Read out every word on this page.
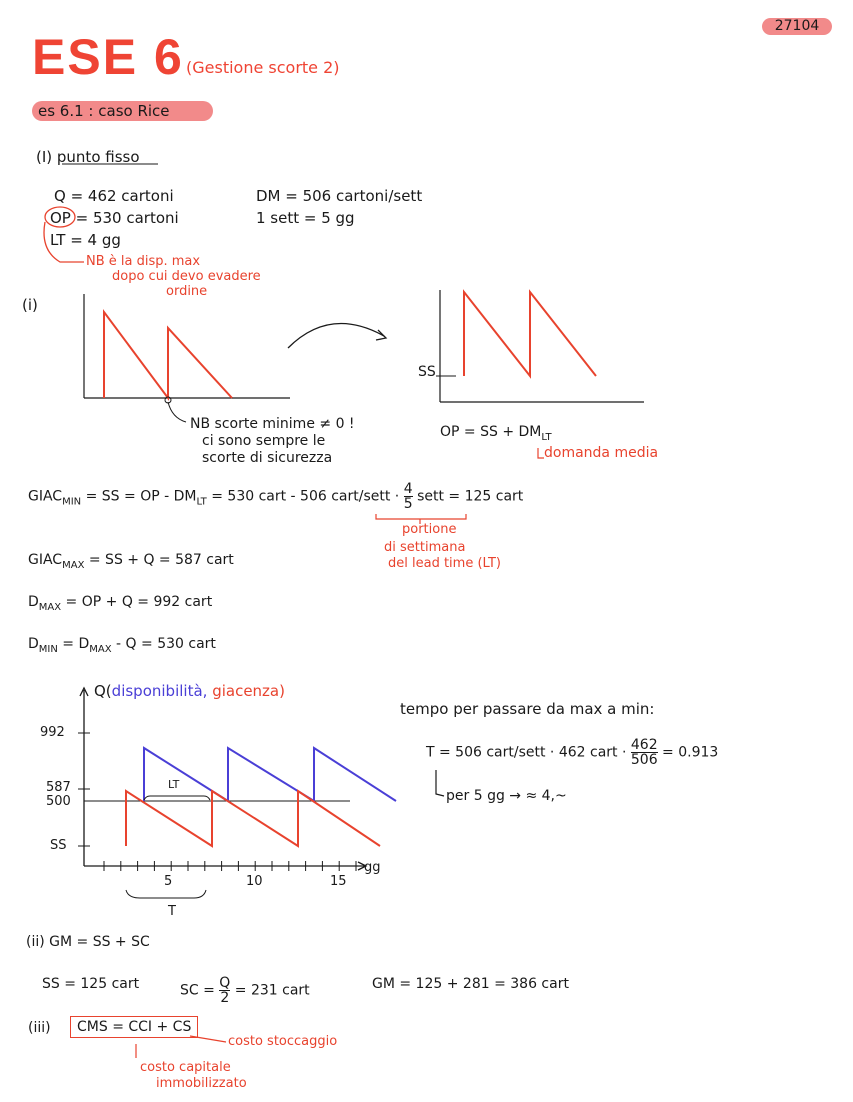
27104
ESE 6 (Gestione scorte 2)
es 6.1 : caso Rice
(I) punto fisso
Q = 462 cartoni	DM = 506 cartoni/sett
OP = 530 cartoni	1 sett = 5 gg
LT = 4 gg
NB è la disp. max
dopo cui devo evadere
ordine
(i)
SS
NB scorte minime ≠ 0 !
ci sono sempre le
scorte di sicurezza
OP = SS + $DM_{LT}$
domanda media
$GIAC_{MIN}$ = SS = OP - $DM_{LT} = 530$ cart - 506 cart/sett · $\frac{4}{5}$ sett = 125 cart
portione
di settimana
del lead time (LT)
$GIAC_{MAX}$ = SS + Q = 587 cart
$D_{MAX}$ = OP + Q = 992 cart
$D_{MIN} = D_{MAX} - Q = 530$ cart
Q(disponibilità, giacenza)
992
587
500
SS
5	10	15
gg
LT
T
tempo per passare da max a min:
T = 506 cart/sett · 462 cart · $\frac{462}{506} = 0.913$
per 5 gg → ≈ 4,~
(ii) GM = SS + SC
SS = 125 cart	SC = $\frac{Q}{2} = 231$ cart	GM = 125 + 281 = 386 cart
(iii)	CMS = CCI + CS
costo stoccaggio
costo capitale
immobilizzato
